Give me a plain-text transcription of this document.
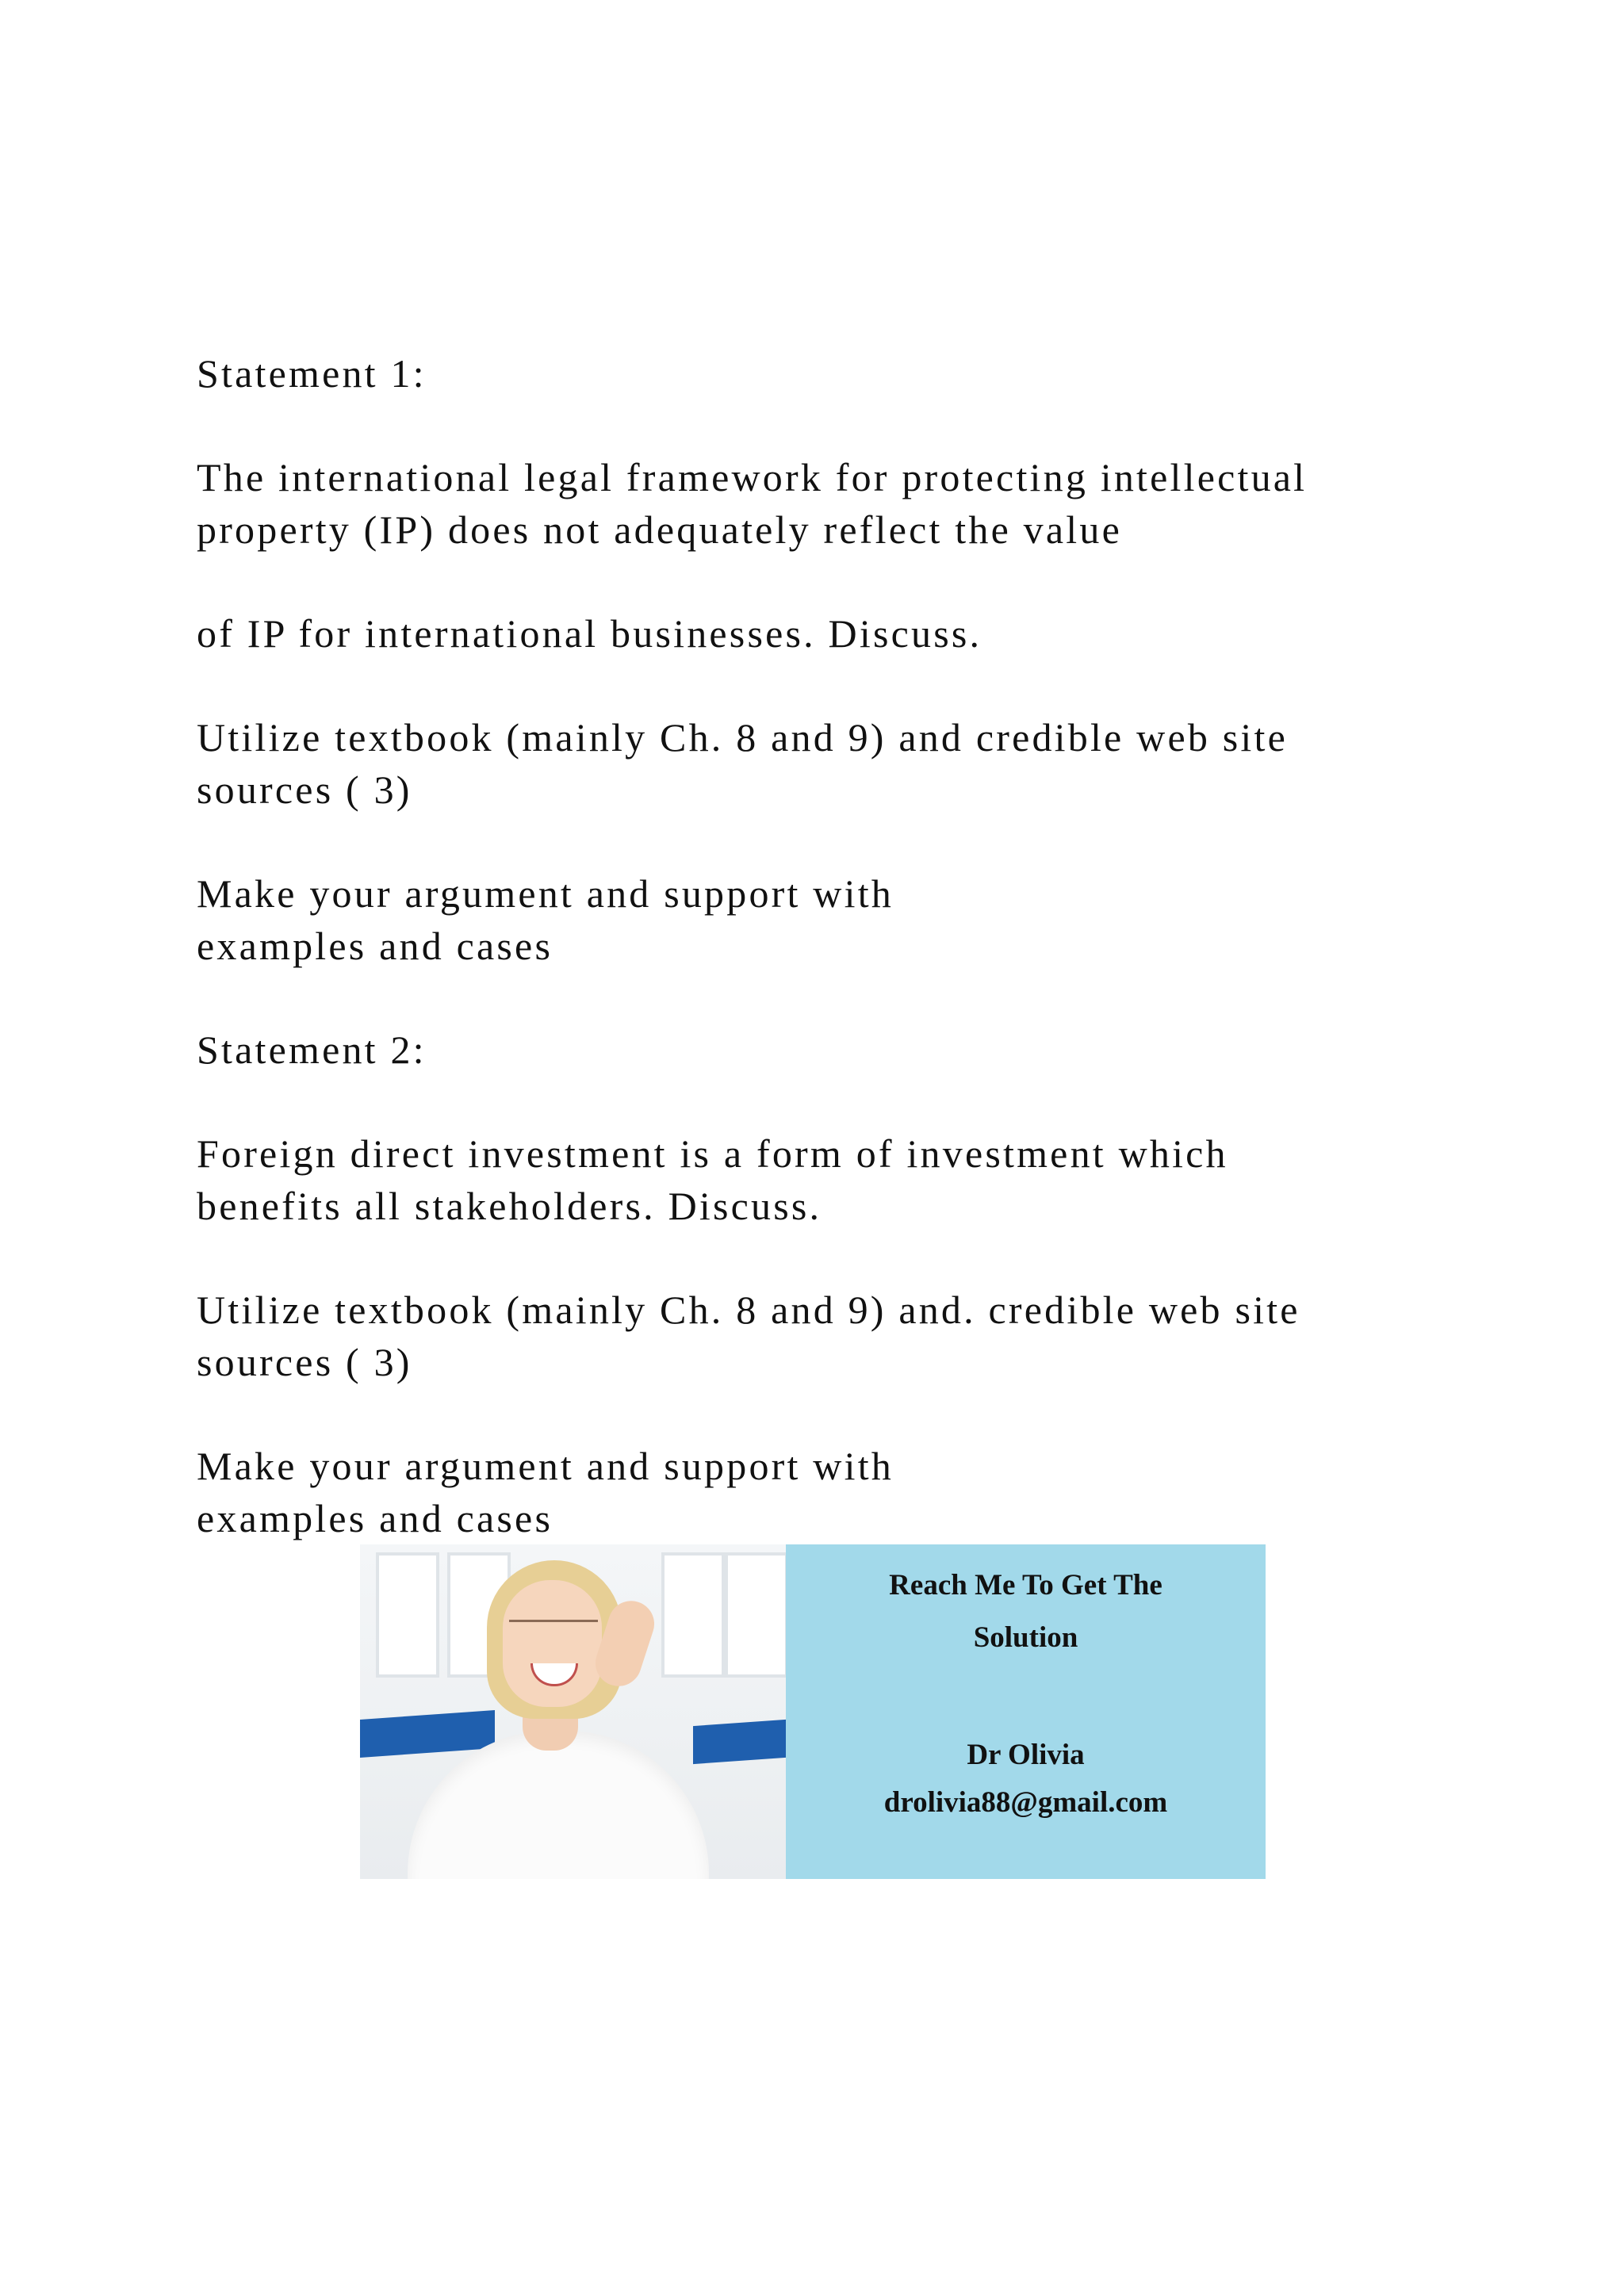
Statement 1:

The international legal framework for protecting intellectual
property (IP) does not adequately reflect the value

of IP for international businesses. Discuss.

Utilize textbook (mainly Ch. 8 and 9) and credible web site
sources ( 3)

Make your argument and support with
examples and cases

Statement 2:

Foreign direct investment is a form of investment which
benefits all stakeholders. Discuss.

Utilize textbook (mainly Ch. 8 and 9) and. credible web site
sources ( 3)

Make your argument and support with
examples and cases

Reach Me To Get The
Solution
Dr Olivia
drolivia88@gmail.com
